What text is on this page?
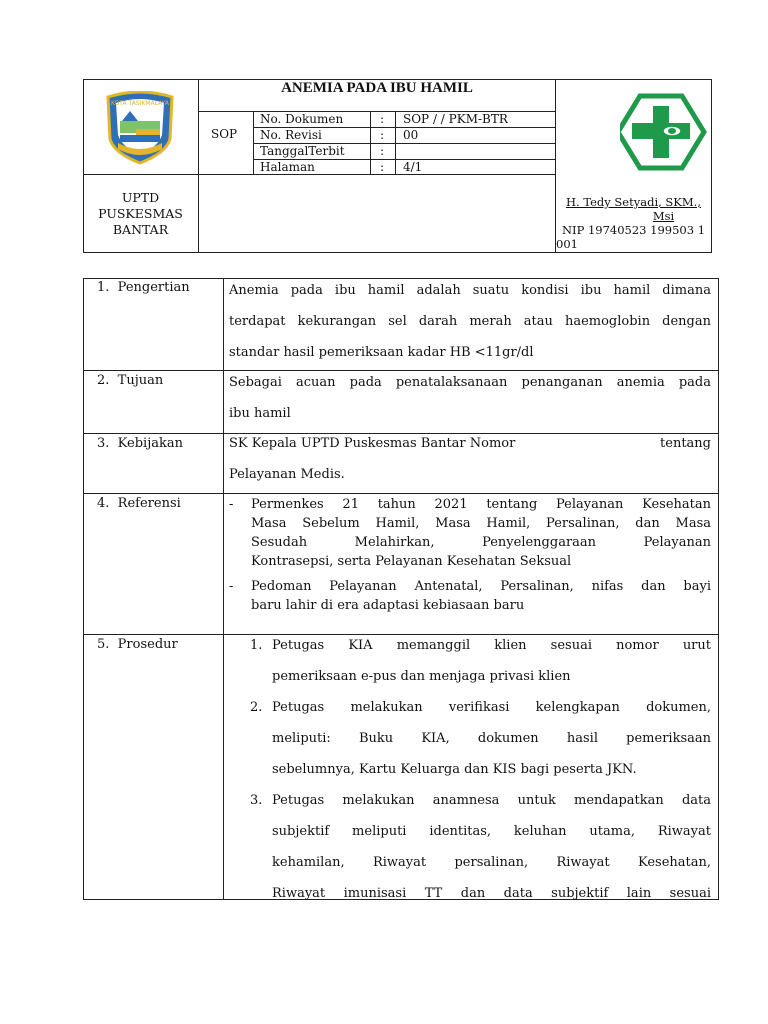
KOTA TASIKMALAYA
ANEMIA PADA IBU HAMIL
SOP
No. Dokumen	: SOP / / PKM-BTR
No. Revisi	: 00
TanggalTerbit	:
Halaman	: 4/1
UPTD
PUSKESMAS
BANTAR
H. Tedy Setyadi, SKM.,
Msi
NIP 19740523 199503 1
001
1. Pengertian	Anemia pada ibu hamil adalah suatu kondisi ibu hamil dimana
terdapat kekurangan sel darah merah atau haemoglobin dengan
standar hasil pemeriksaan kadar HB <11gr/dl
2. Tujuan	Sebagai acuan pada penatalaksanaan penanganan anemia pada
ibu hamil
3. Kebijakan	SK Kepala UPTD Puskesmas Bantar Nomor	tentang
Pelayanan Medis.
4. Referensi	- Permenkes 21 tahun 2021 tentang Pelayanan Kesehatan
Masa Sebelum Hamil, Masa Hamil, Persalinan, dan Masa
Sesudah Melahirkan, Penyelenggaraan Pelayanan
Kontrasepsi, serta Pelayanan Kesehatan Seksual
- Pedoman Pelayanan Antenatal, Persalinan, nifas dan bayi
baru lahir di era adaptasi kebiasaan baru
5. Prosedur	1. Petugas KIA memanggil klien sesuai nomor urut
pemeriksaan e-pus dan menjaga privasi klien
2. Petugas melakukan verifikasi kelengkapan dokumen,
meliputi: Buku KIA, dokumen hasil pemeriksaan
sebelumnya, Kartu Keluarga dan KIS bagi peserta JKN.
3. Petugas melakukan anamnesa untuk mendapatkan data
subjektif meliputi identitas, keluhan utama, Riwayat
kehamilan, Riwayat persalinan, Riwayat Kesehatan,
Riwayat imunisasi TT dan data subjektif lain sesuai
